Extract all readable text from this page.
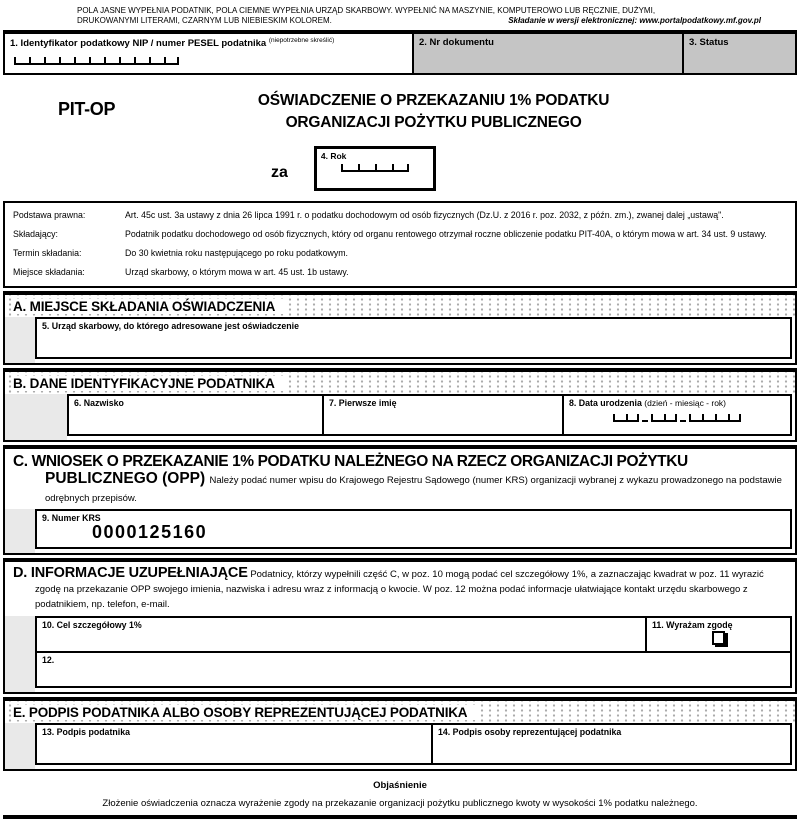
POLA JASNE WYPEŁNIA PODATNIK, POLA CIEMNE WYPEŁNIA URZĄD SKARBOWY. WYPEŁNIĆ NA MASZYNIE, KOMPUTEROWO LUB RĘCZNIE, DUŻYMI,
DRUKOWANYMI LITERAMI, CZARNYM LUB NIEBIESKIM KOLOREM.	Składanie w wersji elektronicznej: www.portalpodatkowy.mf.gov.pl
1. Identyfikator podatkowy NIP / numer PESEL podatnika $^{(niepotrzebne skreślić)}$	2. Nr dokumentu	3. Status
PIT-OP	OŚWIADCZENIE O PRZEKAZANIU 1% PODATKU
ORGANIZACJI POŻYTKU PUBLICZNEGO
za
4. Rok
Podstawa prawna:	Art. 45c ust. 3a ustawy z dnia 26 lipca 1991 r. o podatku dochodowym od osób fizycznych (Dz.U. z 2016 r. poz. 2032, z późn. zm.), zwanej dalej „ustawą".
Składający:	Podatnik podatku dochodowego od osób fizycznych, który od organu rentowego otrzymał roczne obliczenie podatku PIT-40A, o którym mowa w art. 34 ust. 9 ustawy.
Termin składania:	Do 30 kwietnia roku następującego po roku podatkowym.
Miejsce składania:	Urząd skarbowy, o którym mowa w art. 45 ust. 1b ustawy.
A. MIEJSCE SKŁADANIA OŚWIADCZENIA
5. Urząd skarbowy, do którego adresowane jest oświadczenie
B. DANE IDENTYFIKACYJNE PODATNIKA
6. Nazwisko	7. Pierwsze imię	8. Data urodzenia (dzień - miesiąc - rok)
C. WNIOSEK O PRZEKAZANIE 1% PODATKU NALEŻNEGO NA RZECZ ORGANIZACJI POŻYTKU
PUBLICZNEGO (OPP) Należy podać numer wpisu do Krajowego Rejestru Sądowego (numer KRS) organizacji wybranej z wykazu prowadzonego na podstawie odrębnych przepisów.
9. Numer KRS
0000125160
D. INFORMACJE UZUPEŁNIAJĄCE Podatnicy, którzy wypełnili część C, w poz. 10 mogą podać cel szczegółowy 1%, a zaznaczając kwadrat w poz. 11 wyrazić zgodę na przekazanie OPP swojego imienia, nazwiska i adresu wraz z informacją o kwocie. W poz. 12 można podać informacje ułatwiające kontakt urzędu skarbowego z podatnikiem, np. telefon, e-mail.
10. Cel szczegółowy 1%	11. Wyrażam zgodę
12.
E. PODPIS PODATNIKA ALBO OSOBY REPREZENTUJĄCEJ PODATNIKA
13. Podpis podatnika	14. Podpis osoby reprezentującej podatnika
Objaśnienie
Złożenie oświadczenia oznacza wyrażenie zgody na przekazanie organizacji pożytku publicznego kwoty w wysokości 1% podatku należnego.
